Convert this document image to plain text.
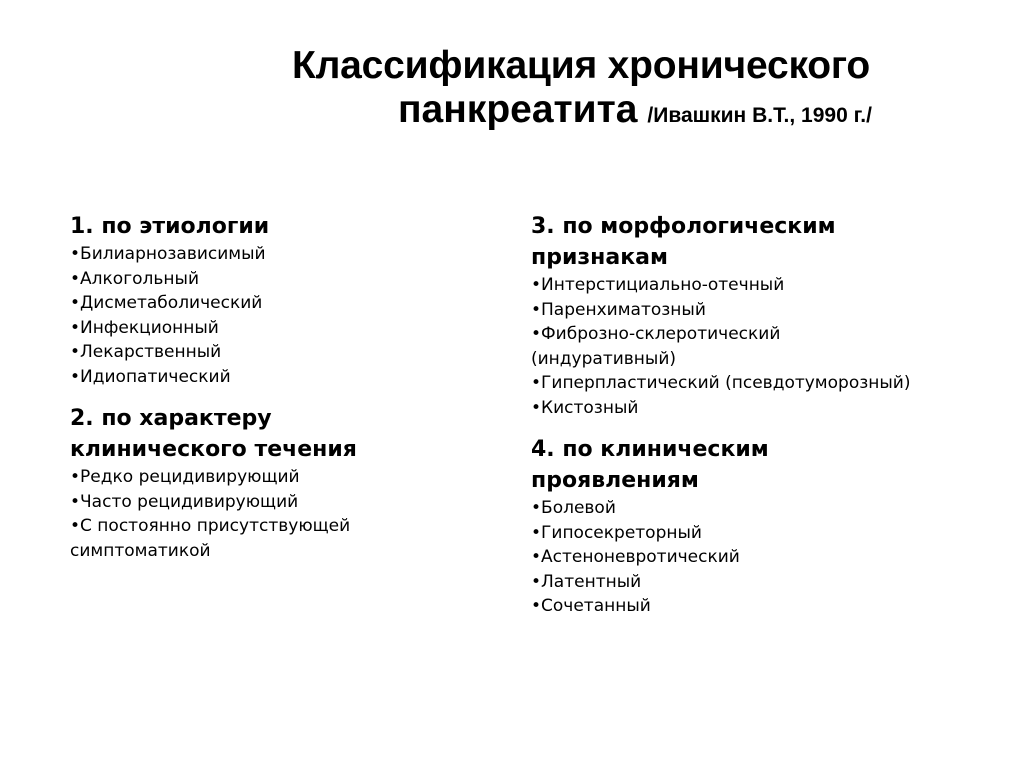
Классификация хронического
панкреатита /Ивашкин В.Т., 1990 г./
1. по этиологии
•Билиарнозависимый
•Алкогольный
•Дисметаболический
•Инфекционный
•Лекарственный
•Идиопатический
2. по характеру клинического течения
•Редко рецидивирующий
•Часто рецидивирующий
•С постоянно присутствующей симптоматикой
3. по морфологическим признакам
•Интерстициально-отечный
•Паренхиматозный
•Фиброзно-склеротический (индуративный)
•Гиперпластический (псевдотуморозный)
•Кистозный
4. по клиническим проявлениям
•Болевой
•Гипосекреторный
•Астеноневротический
•Латентный
•Сочетанный
